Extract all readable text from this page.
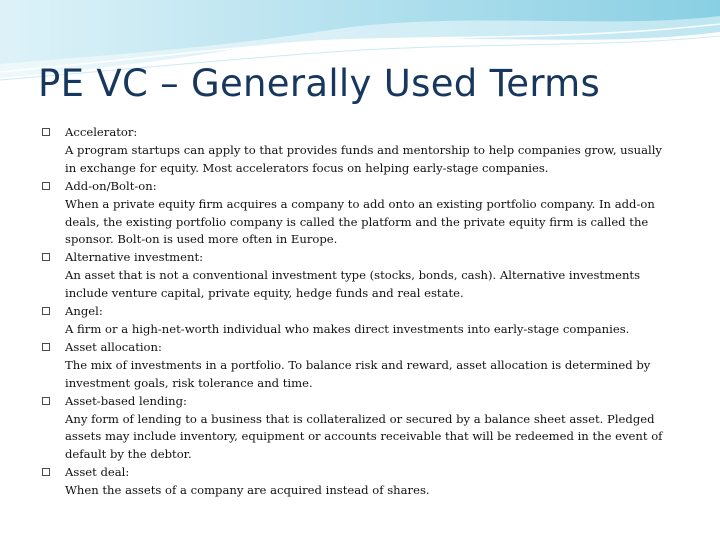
PE VC – Generally Used Terms
Accelerator:
A program startups can apply to that provides funds and mentorship to help companies grow, usually in exchange for equity. Most accelerators focus on helping early-stage companies.
Add-on/Bolt-on:
When a private equity firm acquires a company to add onto an existing portfolio company. In add-on deals, the existing portfolio company is called the platform and the private equity firm is called the sponsor. Bolt-on is used more often in Europe.
Alternative investment:
An asset that is not a conventional investment type (stocks, bonds, cash). Alternative investments include venture capital, private equity, hedge funds and real estate.
Angel:
A firm or a high-net-worth individual who makes direct investments into early-stage companies.
Asset allocation:
The mix of investments in a portfolio. To balance risk and reward, asset allocation is determined by investment goals, risk tolerance and time.
Asset-based lending:
Any form of lending to a business that is collateralized or secured by a balance sheet asset. Pledged assets may include inventory, equipment or accounts receivable that will be redeemed in the event of default by the debtor.
Asset deal:
When the assets of a company are acquired instead of shares.
